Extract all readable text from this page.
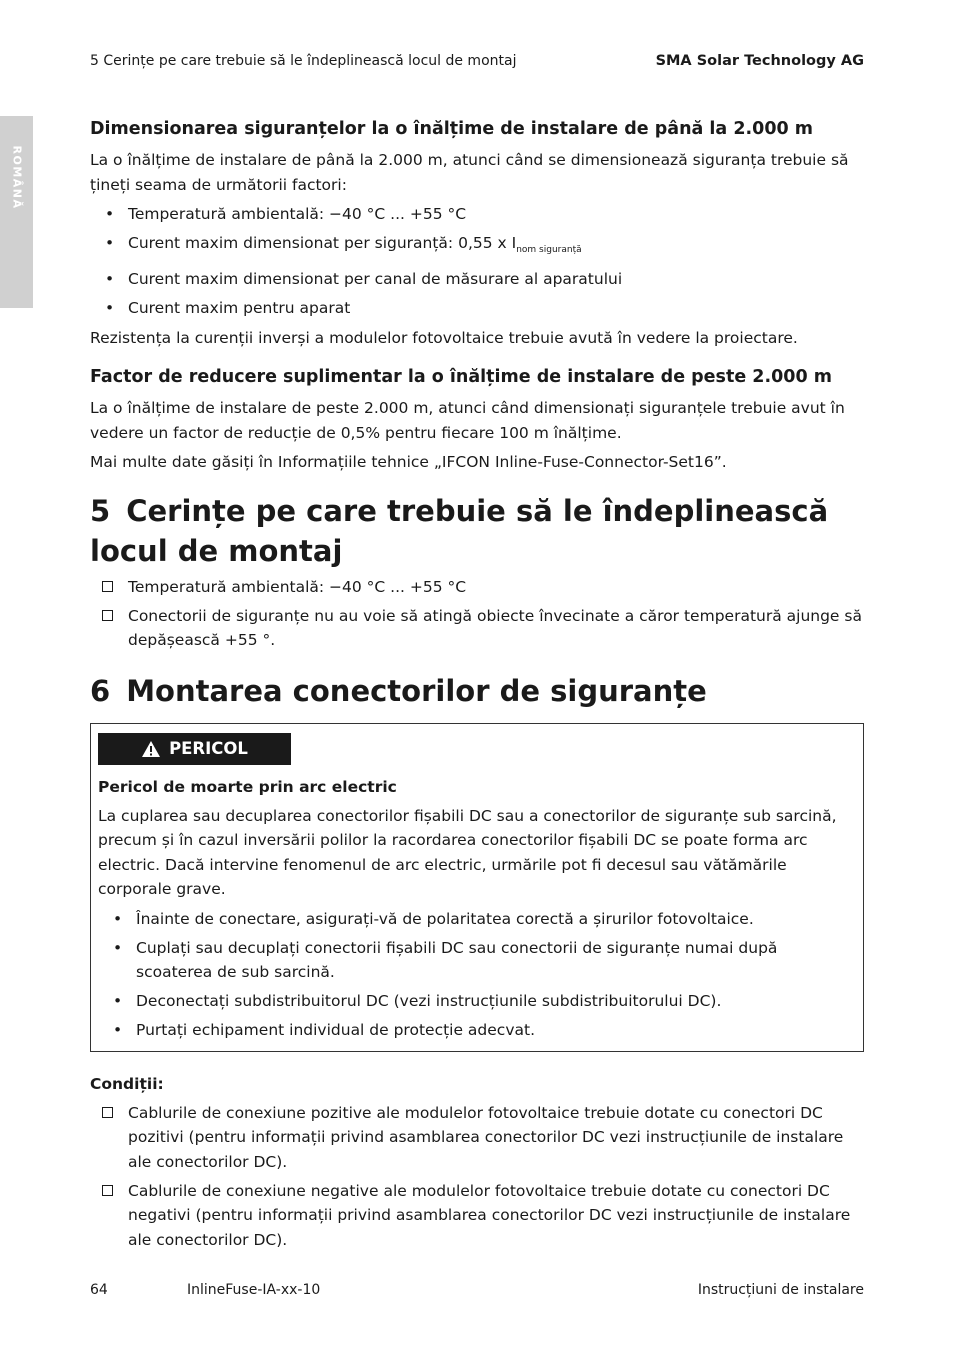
5 Cerințe pe care trebuie să le îndeplinească locul de montaj	SMA Solar Technology AG
ROMÂNĂ
Dimensionarea siguranțelor la o înălțime de instalare de până la 2.000 m
La o înălțime de instalare de până la 2.000 m, atunci când se dimensionează siguranța trebuie să țineți seama de următorii factori:
• Temperatură ambientală: −40 °C ... +55 °C
• Curent maxim dimensionat per siguranță: 0,55 x $I_{nom siguranță}$
• Curent maxim dimensionat per canal de măsurare al aparatului
• Curent maxim pentru aparat
Rezistența la curenții inverși a modulelor fotovoltaice trebuie avută în vedere la proiectare.
Factor de reducere suplimentar la o înălțime de instalare de peste 2.000 m
La o înălțime de instalare de peste 2.000 m, atunci când dimensionați siguranțele trebuie avut în vedere un factor de reducție de 0,5% pentru fiecare 100 m înălțime.
Mai multe date găsiți în Informațiile tehnice „IFCON Inline-Fuse-Connector-Set16”.
5 Cerințe pe care trebuie să le îndeplinească locul de montaj
Temperatură ambientală: −40 °C ... +55 °C
Conectorii de siguranțe nu au voie să atingă obiecte învecinate a căror temperatură ajunge să depășească +55 °.
6 Montarea conectorilor de siguranțe
PERICOL
Pericol de moarte prin arc electric
La cuplarea sau decuplarea conectorilor fișabili DC sau a conectorilor de siguranțe sub sarcină, precum și în cazul inversării polilor la racordarea conectorilor fișabili DC se poate forma arc electric. Dacă intervine fenomenul de arc electric, urmările pot fi decesul sau vătămările corporale grave.
• Înainte de conectare, asigurați-vă de polaritatea corectă a șirurilor fotovoltaice.
• Cuplați sau decuplați conectorii fișabili DC sau conectorii de siguranțe numai după scoaterea de sub sarcină.
• Deconectați subdistribuitorul DC (vezi instrucțiunile subdistribuitorului DC).
• Purtați echipament individual de protecție adecvat.
Condiții:
Cablurile de conexiune pozitive ale modulelor fotovoltaice trebuie dotate cu conectori DC pozitivi (pentru informații privind asamblarea conectorilor DC vezi instrucțiunile de instalare ale conectorilor DC).
Cablurile de conexiune negative ale modulelor fotovoltaice trebuie dotate cu conectori DC negativi (pentru informații privind asamblarea conectorilor DC vezi instrucțiunile de instalare ale conectorilor DC).
64	InlineFuse-IA-xx-10	Instrucțiuni de instalare
